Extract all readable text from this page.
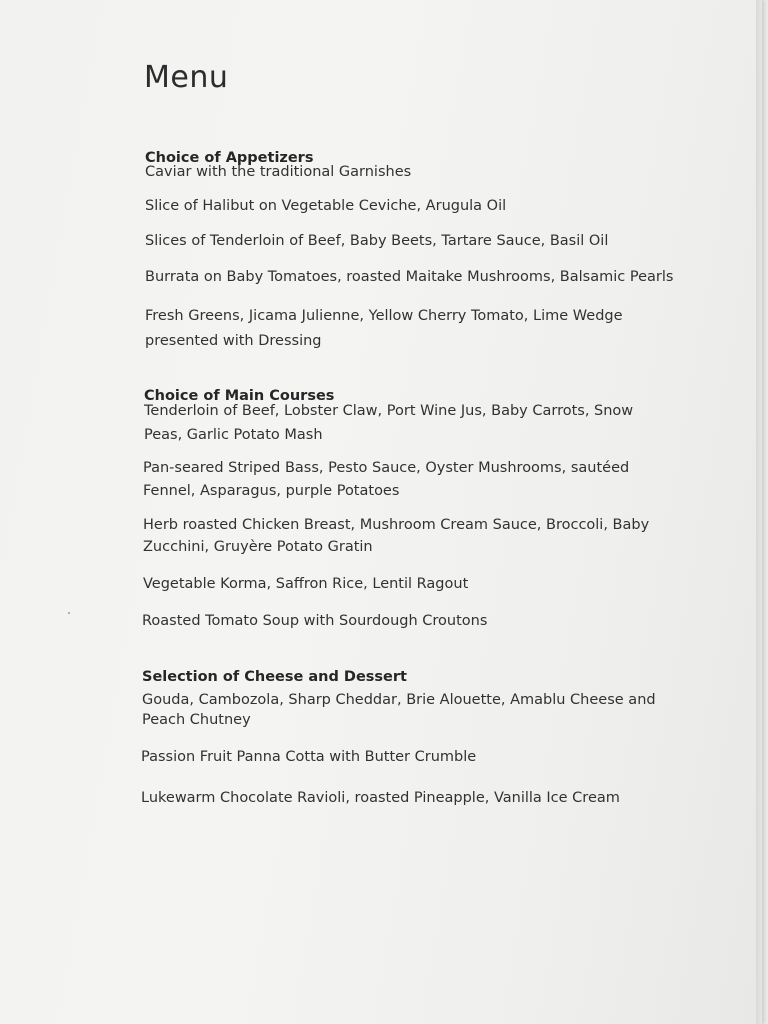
Menu
Choice of Appetizers

Caviar with the traditional Garnishes

Slice of Halibut on Vegetable Ceviche, Arugula Oil

Slices of Tenderloin of Beef, Baby Beets, Tartare Sauce, Basil Oil

Burrata on Baby Tomatoes, roasted Maitake Mushrooms, Balsamic Pearls

Fresh Greens, Jicama Julienne, Yellow Cherry Tomato, Lime Wedge

presented with Dressing

Choice of Main Courses

Tenderloin of Beef, Lobster Claw, Port Wine Jus, Baby Carrots, Snow

Peas, Garlic Potato Mash

Pan-seared Striped Bass, Pesto Sauce, Oyster Mushrooms, sautéed

Fennel, Asparagus, purple Potatoes

Herb roasted Chicken Breast, Mushroom Cream Sauce, Broccoli, Baby

Zucchini, Gruyère Potato Gratin

Vegetable Korma, Saffron Rice, Lentil Ragout

Roasted Tomato Soup with Sourdough Croutons

Selection of Cheese and Dessert

Gouda, Cambozola, Sharp Cheddar, Brie Alouette, Amablu Cheese and

Peach Chutney

Passion Fruit Panna Cotta with Butter Crumble

Lukewarm Chocolate Ravioli, roasted Pineapple, Vanilla Ice Cream
